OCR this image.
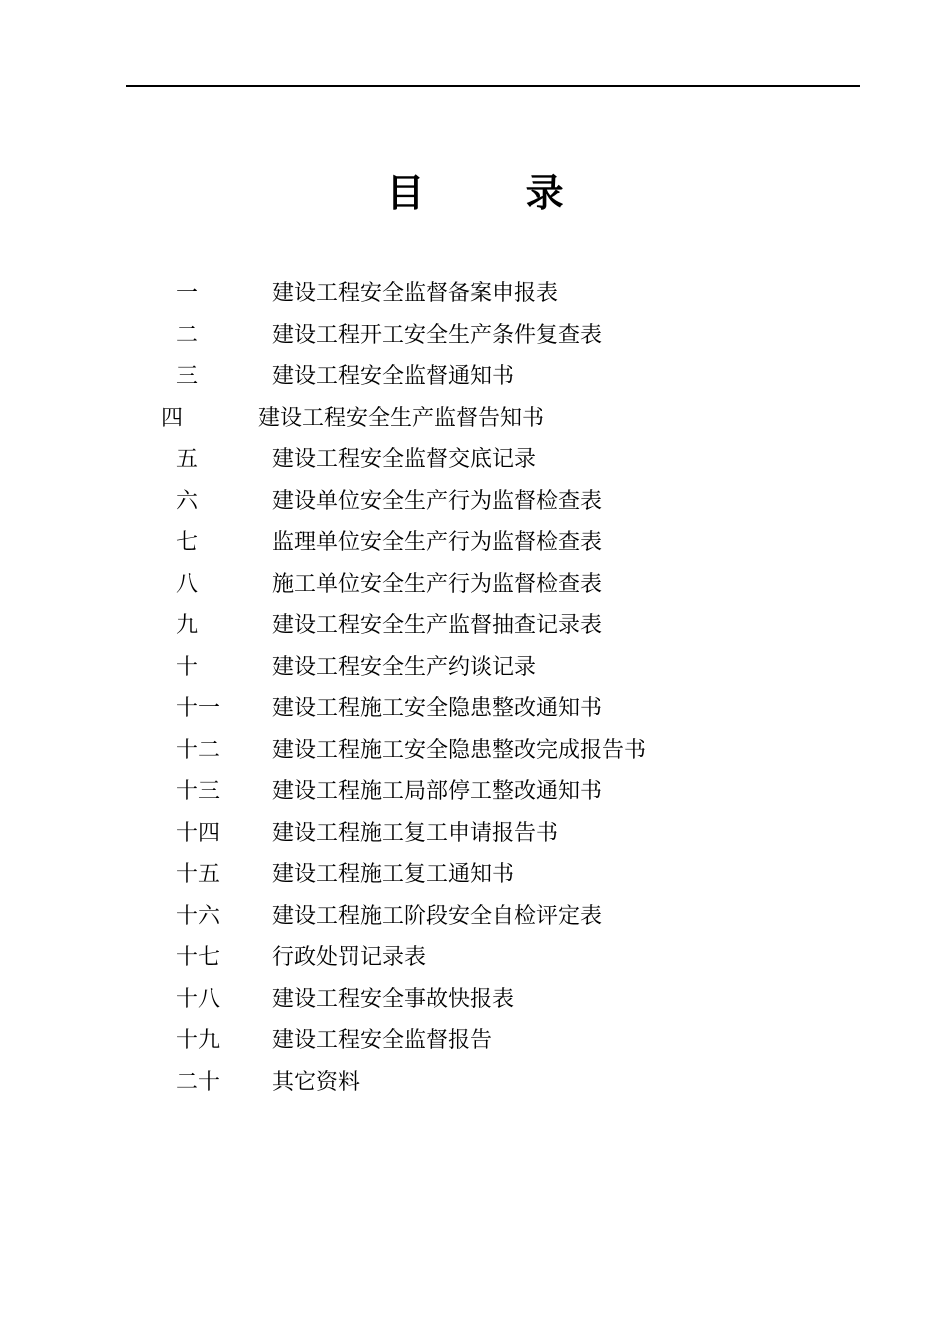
目 录
一	建设工程安全监督备案申报表
二	建设工程开工安全生产条件复查表
三	建设工程安全监督通知书
四	建设工程安全生产监督告知书
五	建设工程安全监督交底记录
六	建设单位安全生产行为监督检查表
七	监理单位安全生产行为监督检查表
八	施工单位安全生产行为监督检查表
九	建设工程安全生产监督抽查记录表
十	建设工程安全生产约谈记录
十一 建设工程施工安全隐患整改通知书
十二 建设工程施工安全隐患整改完成报告书
十三 建设工程施工局部停工整改通知书
十四 建设工程施工复工申请报告书
十五 建设工程施工复工通知书
十六 建设工程施工阶段安全自检评定表
十七 行政处罚记录表
十八 建设工程安全事故快报表
十九 建设工程安全监督报告
二十 其它资料
